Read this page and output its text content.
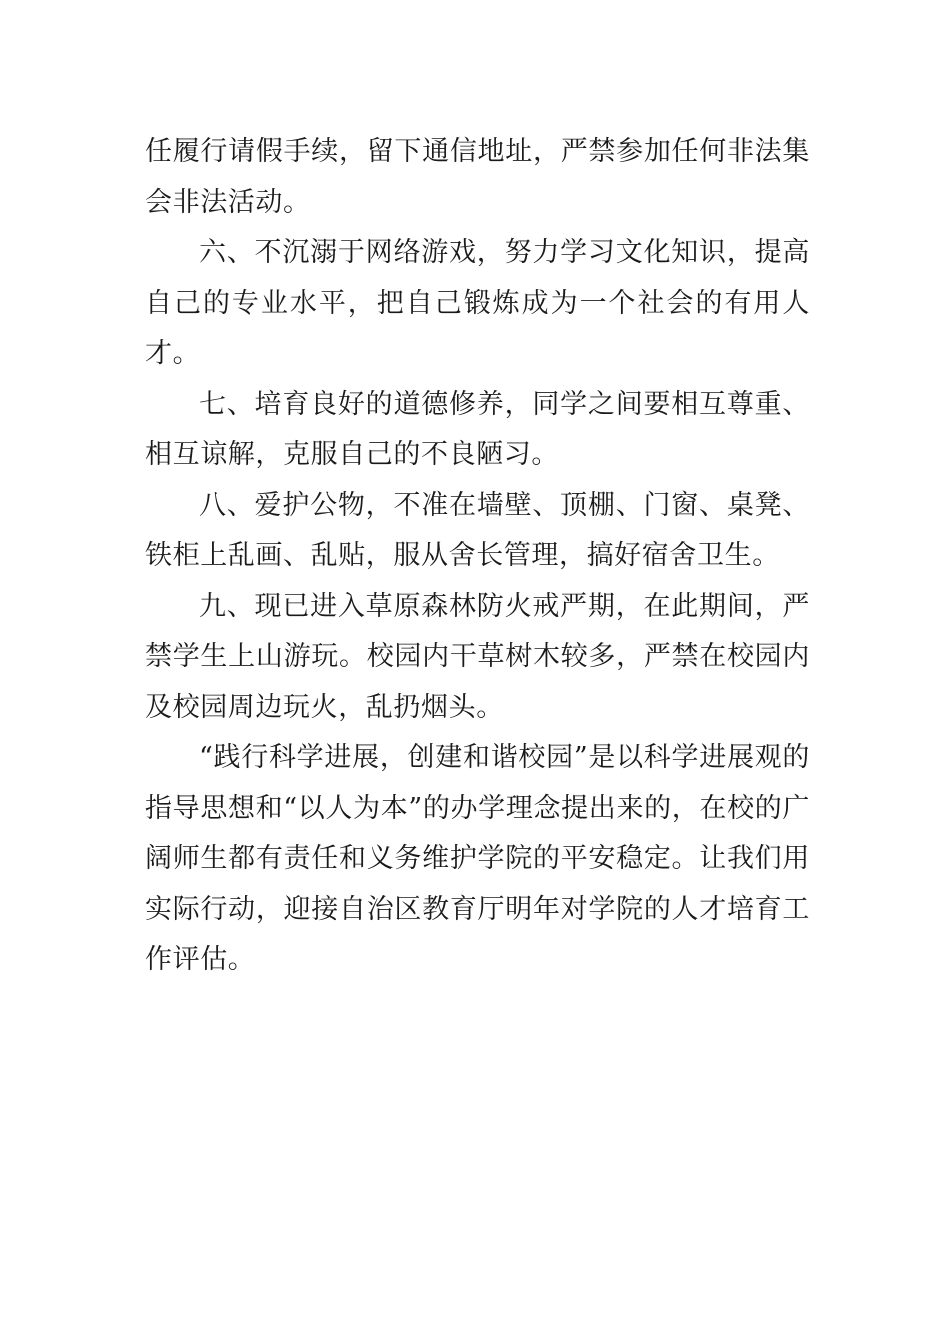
任履行请假手续，留下通信地址，严禁参加任何非法集会非法活动。

六、不沉溺于网络游戏，努力学习文化知识，提高自己的专业水平，把自己锻炼成为一个社会的有用人才。

七、培育良好的道德修养，同学之间要相互尊重、相互谅解，克服自己的不良陋习。

八、爱护公物，不准在墙壁、顶棚、门窗、桌凳、铁柜上乱画、乱贴，服从舍长管理，搞好宿舍卫生。

九、现已进入草原森林防火戒严期，在此期间，严禁学生上山游玩。校园内干草树木较多，严禁在校园内及校园周边玩火，乱扔烟头。

“践行科学进展，创建和谐校园”是以科学进展观的指导思想和“以人为本”的办学理念提出来的，在校的广阔师生都有责任和义务维护学院的平安稳定。让我们用实际行动，迎接自治区教育厅明年对学院的人才培育工作评估。
